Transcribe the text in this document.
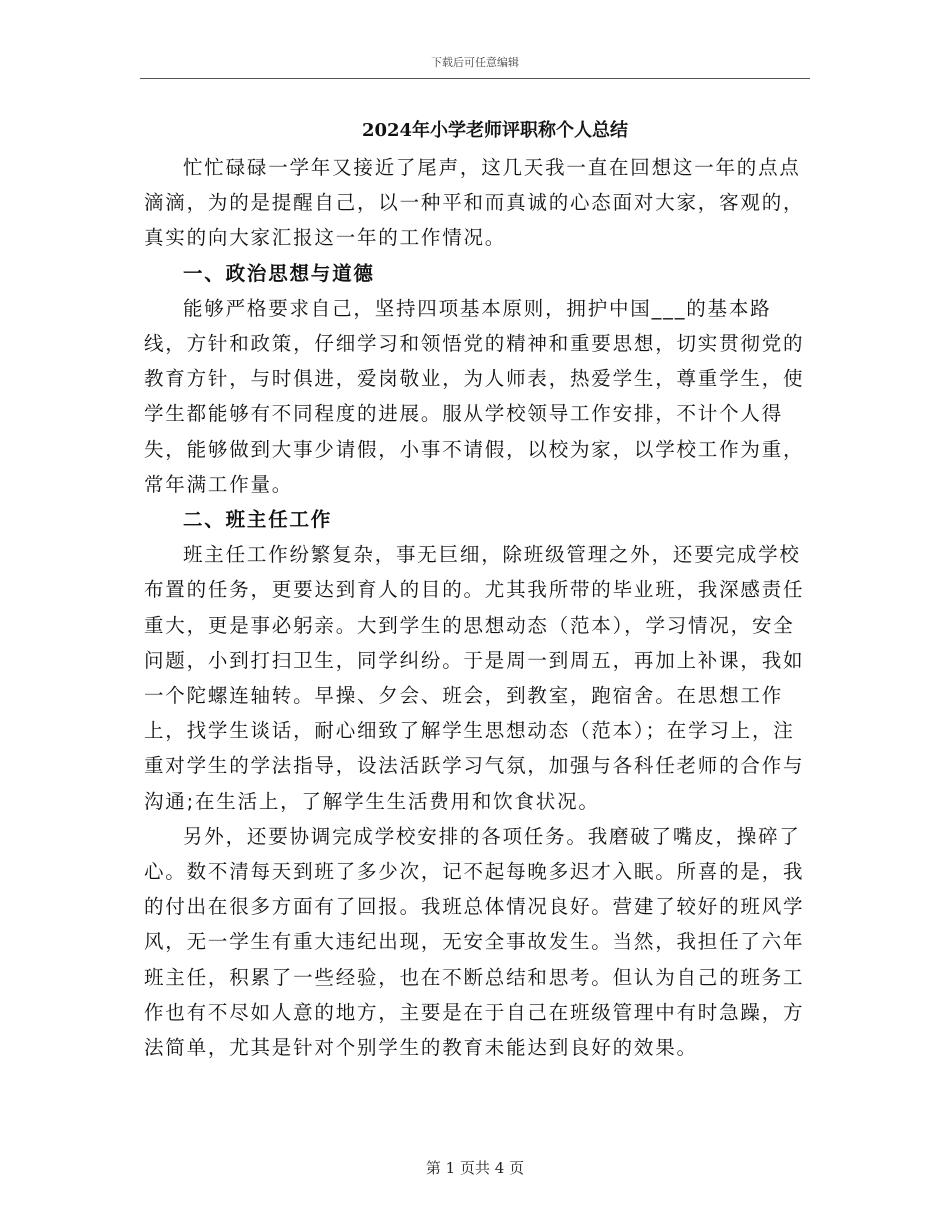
下载后可任意编辑
2024年小学老师评职称个人总结

忙忙碌碌一学年又接近了尾声，这几天我一直在回想这一年的点点滴滴，为的是提醒自己，以一种平和而真诚的心态面对大家，客观的，真实的向大家汇报这一年的工作情况。

一、政治思想与道德

能够严格要求自己，坚持四项基本原则，拥护中国___的基本路线，方针和政策，仔细学习和领悟党的精神和重要思想，切实贯彻党的教育方针，与时俱进，爱岗敬业，为人师表，热爱学生，尊重学生，使学生都能够有不同程度的进展。服从学校领导工作安排，不计个人得失，能够做到大事少请假，小事不请假，以校为家，以学校工作为重，常年满工作量。

二、班主任工作

班主任工作纷繁复杂，事无巨细，除班级管理之外，还要完成学校布置的任务，更要达到育人的目的。尤其我所带的毕业班，我深感责任重大，更是事必躬亲。大到学生的思想动态（范本），学习情况，安全问题，小到打扫卫生，同学纠纷。于是周一到周五，再加上补课，我如一个陀螺连轴转。早操、夕会、班会，到教室，跑宿舍。在思想工作上，找学生谈话，耐心细致了解学生思想动态（范本）；在学习上，注重对学生的学法指导，设法活跃学习气氛，加强与各科任老师的合作与沟通;在生活上，了解学生生活费用和饮食状况。

另外，还要协调完成学校安排的各项任务。我磨破了嘴皮，操碎了心。数不清每天到班了多少次，记不起每晚多迟才入眠。所喜的是，我的付出在很多方面有了回报。我班总体情况良好。营建了较好的班风学风，无一学生有重大违纪出现，无安全事故发生。当然，我担任了六年班主任，积累了一些经验，也在不断总结和思考。但认为自己的班务工作也有不尽如人意的地方，主要是在于自己在班级管理中有时急躁，方法简单，尤其是针对个别学生的教育未能达到良好的效果。

第 1 页共 4 页
